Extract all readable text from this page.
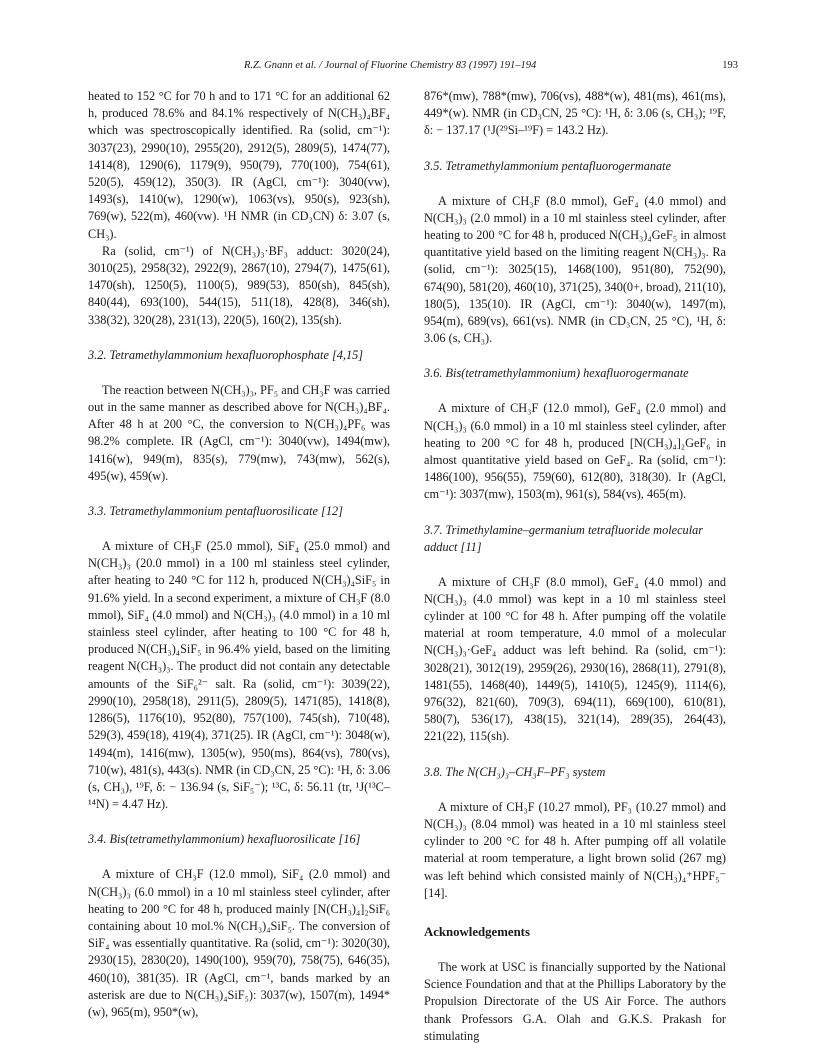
R.Z. Gnann et al. / Journal of Fluorine Chemistry 83 (1997) 191–194	193

heated to 152 °C for 70 h and to 171 °C for an additional 62 h, produced 78.6% and 84.1% respectively of N(CH₃)₄BF₄ which was spectroscopically identified. Ra (solid, cm⁻¹): 3037(23), 2990(10), 2955(20), 2912(5), 2809(5), 1474(77), 1414(8), 1290(6), 1179(9), 950(79), 770(100), 754(61), 520(5), 459(12), 350(3). IR (AgCl, cm⁻¹): 3040(vw), 1493(s), 1410(w), 1290(w), 1063(vs), 950(s), 923(sh), 769(w), 522(m), 460(vw). ¹H NMR (in CD₃CN) δ: 3.07 (s, CH₃).

Ra (solid, cm⁻¹) of N(CH₃)₃·BF₃ adduct: 3020(24), 3010(25), 2958(32), 2922(9), 2867(10), 2794(7), 1475(61), 1470(sh), 1250(5), 1100(5), 989(53), 850(sh), 845(sh), 840(44), 693(100), 544(15), 511(18), 428(8), 346(sh), 338(32), 320(28), 231(13), 220(5), 160(2), 135(sh).

3.2. Tetramethylammonium hexafluorophosphate [4,15]

The reaction between N(CH₃)₃, PF₅ and CH₃F was carried out in the same manner as described above for N(CH₃)₄BF₄. After 48 h at 200 °C, the conversion to N(CH₃)₄PF₆ was 98.2% complete. IR (AgCl, cm⁻¹): 3040(vw), 1494(mw), 1416(w), 949(m), 835(s), 779(mw), 743(mw), 562(s), 495(w), 459(w).

3.3. Tetramethylammonium pentafluorosilicate [12]

A mixture of CH₃F (25.0 mmol), SiF₄ (25.0 mmol) and N(CH₃)₃ (20.0 mmol) in a 100 ml stainless steel cylinder, after heating to 240 °C for 112 h, produced N(CH₃)₄SiF₅ in 91.6% yield. In a second experiment, a mixture of CH₃F (8.0 mmol), SiF₄ (4.0 mmol) and N(CH₃)₃ (4.0 mmol) in a 10 ml stainless steel cylinder, after heating to 100 °C for 48 h, produced N(CH₃)₄SiF₅ in 96.4% yield, based on the limiting reagent N(CH₃)₃. The product did not contain any detectable amounts of the SiF₆²⁻ salt. Ra (solid, cm⁻¹): 3039(22), 2990(10), 2958(18), 2911(5), 2809(5), 1471(85), 1418(8), 1286(5), 1176(10), 952(80), 757(100), 745(sh), 710(48), 529(3), 459(18), 419(4), 371(25). IR (AgCl, cm⁻¹): 3048(w), 1494(m), 1416(mw), 1305(w), 950(ms), 864(vs), 780(vs), 710(w), 481(s), 443(s). NMR (in CD₃CN, 25 °C): ¹H, δ: 3.06 (s, CH₃), ¹⁹F, δ: − 136.94 (s, SiF₅⁻); ¹³C, δ: 56.11 (tr, ¹J(¹³C–¹⁴N) = 4.47 Hz).

3.4. Bis(tetramethylammonium) hexafluorosilicate [16]

A mixture of CH₃F (12.0 mmol), SiF₄ (2.0 mmol) and N(CH₃)₃ (6.0 mmol) in a 10 ml stainless steel cylinder, after heating to 200 °C for 48 h, produced mainly [N(CH₃)₄]₂SiF₆ containing about 10 mol.% N(CH₃)₄SiF₅. The conversion of SiF₄ was essentially quantitative. Ra (solid, cm⁻¹): 3020(30), 2930(15), 2830(20), 1490(100), 959(70), 758(75), 646(35), 460(10), 381(35). IR (AgCl, cm⁻¹, bands marked by an asterisk are due to N(CH₃)₄SiF₅): 3037(w), 1507(m), 1494*(w), 965(m), 950*(w),

876*(mw), 788*(mw), 706(vs), 488*(w), 481(ms), 461(ms), 449*(w). NMR (in CD₃CN, 25 °C): ¹H, δ: 3.06 (s, CH₃); ¹⁹F, δ: − 137.17 (¹J(²⁹Si–¹⁹F) = 143.2 Hz).

3.5. Tetramethylammonium pentafluorogermanate

A mixture of CH₃F (8.0 mmol), GeF₄ (4.0 mmol) and N(CH₃)₃ (2.0 mmol) in a 10 ml stainless steel cylinder, after heating to 200 °C for 48 h, produced N(CH₃)₄GeF₅ in almost quantitative yield based on the limiting reagent N(CH₃)₃. Ra (solid, cm⁻¹): 3025(15), 1468(100), 951(80), 752(90), 674(90), 581(20), 460(10), 371(25), 340(0+, broad), 211(10), 180(5), 135(10). IR (AgCl, cm⁻¹): 3040(w), 1497(m), 954(m), 689(vs), 661(vs). NMR (in CD₃CN, 25 °C), ¹H, δ: 3.06 (s, CH₃).

3.6. Bis(tetramethylammonium) hexafluorogermanate

A mixture of CH₃F (12.0 mmol), GeF₄ (2.0 mmol) and N(CH₃)₃ (6.0 mmol) in a 10 ml stainless steel cylinder, after heating to 200 °C for 48 h, produced [N(CH₃)₄]₂GeF₆ in almost quantitative yield based on GeF₄. Ra (solid, cm⁻¹): 1486(100), 956(55), 759(60), 612(80), 318(30). Ir (AgCl, cm⁻¹): 3037(mw), 1503(m), 961(s), 584(vs), 465(m).

3.7. Trimethylamine–germanium tetrafluoride molecular adduct [11]

A mixture of CH₃F (8.0 mmol), GeF₄ (4.0 mmol) and N(CH₃)₃ (4.0 mmol) was kept in a 10 ml stainless steel cylinder at 100 °C for 48 h. After pumping off the volatile material at room temperature, 4.0 mmol of a molecular N(CH₃)₃·GeF₄ adduct was left behind. Ra (solid, cm⁻¹): 3028(21), 3012(19), 2959(26), 2930(16), 2868(11), 2791(8), 1481(55), 1468(40), 1449(5), 1410(5), 1245(9), 1114(6), 976(32), 821(60), 709(3), 694(11), 669(100), 610(81), 580(7), 536(17), 438(15), 321(14), 289(35), 264(43), 221(22), 115(sh).

3.8. The N(CH₃)₃–CH₃F–PF₃ system

A mixture of CH₃F (10.27 mmol), PF₃ (10.27 mmol) and N(CH₃)₃ (8.04 mmol) was heated in a 10 ml stainless steel cylinder to 200 °C for 48 h. After pumping off all volatile material at room temperature, a light brown solid (267 mg) was left behind which consisted mainly of N(CH₃)₄⁺HPF₅⁻ [14].

Acknowledgements

The work at USC is financially supported by the National Science Foundation and that at the Phillips Laboratory by the Propulsion Directorate of the US Air Force. The authors thank Professors G.A. Olah and G.K.S. Prakash for stimulating
